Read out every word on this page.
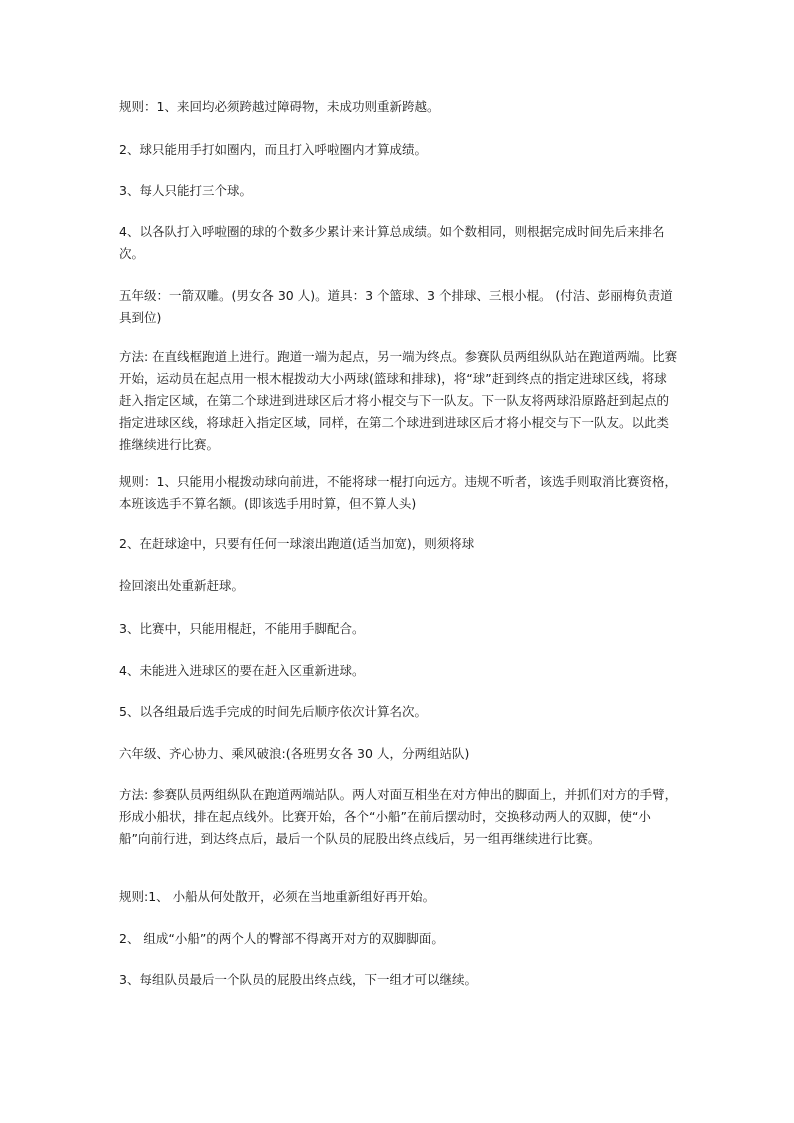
规则：1、来回均必须跨越过障碍物，未成功则重新跨越。

2、球只能用手打如圈内，而且打入呼啦圈内才算成绩。

3、每人只能打三个球。

4、以各队打入呼啦圈的球的个数多少累计来计算总成绩。如个数相同，则根据完成时间先后来排名次。

五年级：一箭双雕。(男女各 30 人)。道具：3 个篮球、3 个排球、三根小棍。 (付洁、彭丽梅负责道具到位)

方法: 在直线框跑道上进行。跑道一端为起点，另一端为终点。参赛队员两组纵队站在跑道两端。比赛开始，运动员在起点用一根木棍拨动大小两球(篮球和排球)，将“球”赶到终点的指定进球区线，将球赶入指定区域，在第二个球进到进球区后才将小棍交与下一队友。下一队友将两球沿原路赶到起点的指定进球区线，将球赶入指定区域，同样，在第二个球进到进球区后才将小棍交与下一队友。以此类推继续进行比赛。

规则：1、只能用小棍拨动球向前进，不能将球一棍打向远方。违规不听者，该选手则取消比赛资格，本班该选手不算名额。(即该选手用时算，但不算人头)

2、在赶球途中，只要有任何一球滚出跑道(适当加宽)，则须将球

捡回滚出处重新赶球。

3、比赛中，只能用棍赶，不能用手脚配合。

4、未能进入进球区的要在赶入区重新进球。

5、以各组最后选手完成的时间先后顺序依次计算名次。

六年级、齐心协力、乘风破浪:(各班男女各 30 人，分两组站队)

方法: 参赛队员两组纵队在跑道两端站队。两人对面互相坐在对方伸出的脚面上，并抓们对方的手臂，形成小船状，排在起点线外。比赛开始，各个“小船”在前后摆动时，交换移动两人的双脚，使“小船”向前行进，到达终点后，最后一个队员的屁股出终点线后，另一组再继续进行比赛。

规则:1、 小船从何处散开，必须在当地重新组好再开始。

2、 组成“小船”的两个人的臀部不得离开对方的双脚脚面。

3、每组队员最后一个队员的屁股出终点线，下一组才可以继续。
